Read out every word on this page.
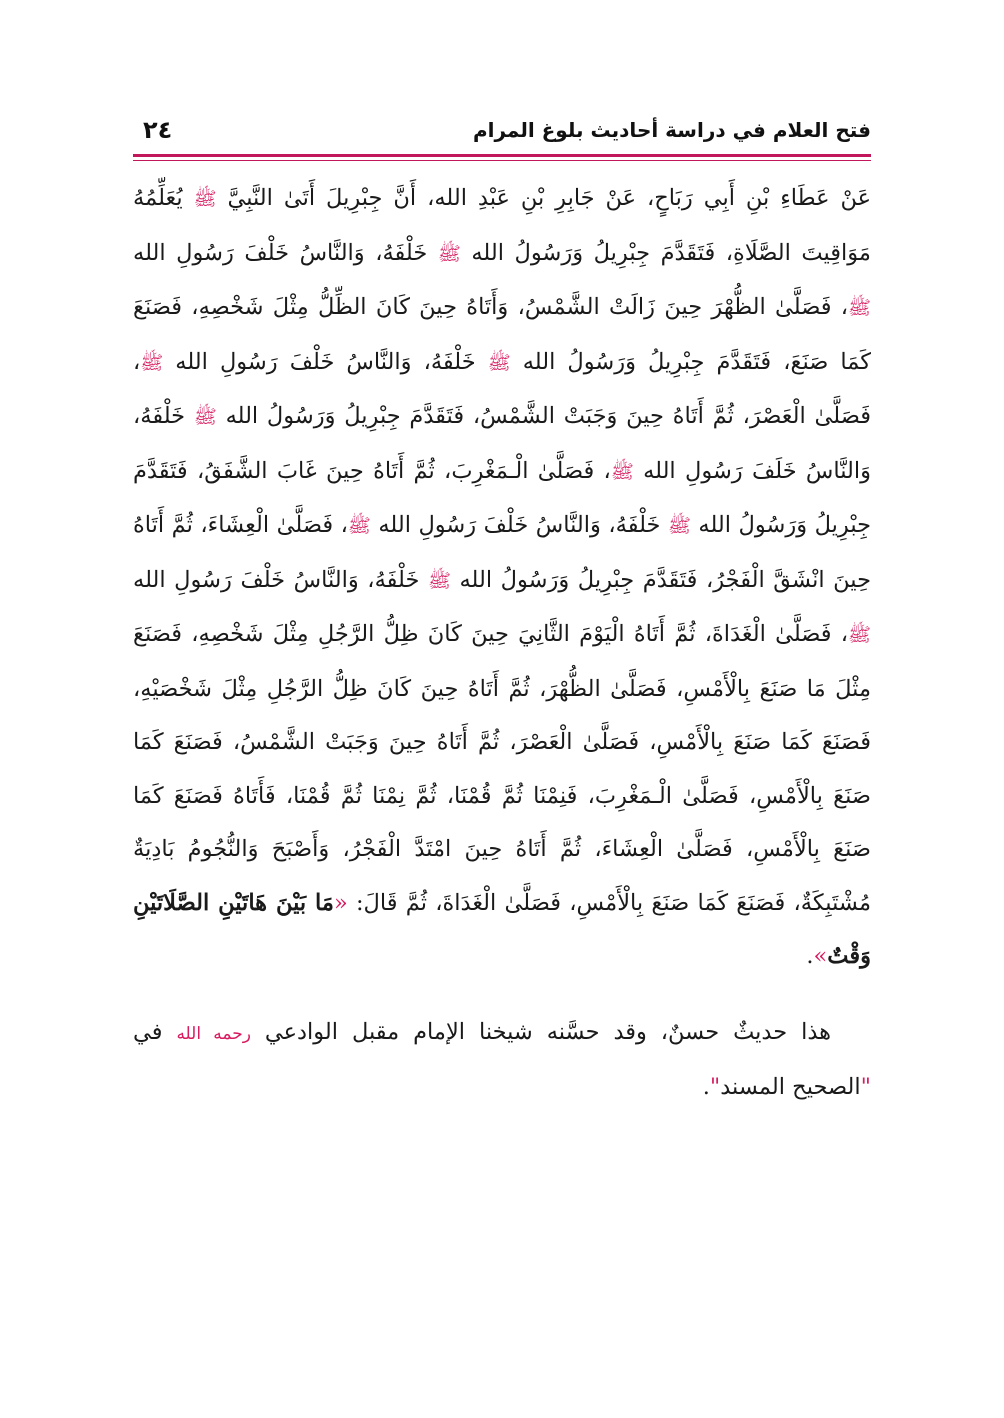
فتح العلام في دراسة أحاديث بلوغ المرام
٢٤

عَنْ عَطَاءِ بْنِ أَبِي رَبَاحٍ، عَنْ جَابِرِ بْنِ عَبْدِ الله، أَنَّ جِبْرِيلَ أَتَىٰ النَّبِيَّ ﷺ يُعَلِّمُهُ مَوَاقِيتَ الصَّلَاةِ، فَتَقَدَّمَ جِبْرِيلُ وَرَسُولُ الله ﷺ خَلْفَهُ، وَالنَّاسُ خَلْفَ رَسُولِ الله ﷺ، فَصَلَّىٰ الظُّهْرَ حِينَ زَالَتْ الشَّمْسُ، وَأَتَاهُ حِينَ كَانَ الظِّلُّ مِثْلَ شَخْصِهِ، فَصَنَعَ كَمَا صَنَعَ، فَتَقَدَّمَ جِبْرِيلُ وَرَسُولُ الله ﷺ خَلْفَهُ، وَالنَّاسُ خَلْفَ رَسُولِ الله ﷺ، فَصَلَّىٰ الْعَصْرَ، ثُمَّ أَتَاهُ حِينَ وَجَبَتْ الشَّمْسُ، فَتَقَدَّمَ جِبْرِيلُ وَرَسُولُ الله ﷺ خَلْفَهُ، وَالنَّاسُ خَلَفَ رَسُولِ الله ﷺ، فَصَلَّىٰ الْـمَغْرِبَ، ثُمَّ أَتَاهُ حِينَ غَابَ الشَّفَقُ، فَتَقَدَّمَ جِبْرِيلُ وَرَسُولُ الله ﷺ خَلْفَهُ، وَالنَّاسُ خَلْفَ رَسُولِ الله ﷺ، فَصَلَّىٰ الْعِشَاءَ، ثُمَّ أَتَاهُ حِينَ انْشَقَّ الْفَجْرُ، فَتَقَدَّمَ جِبْرِيلُ وَرَسُولُ الله ﷺ خَلْفَهُ، وَالنَّاسُ خَلْفَ رَسُولِ الله ﷺ، فَصَلَّىٰ الْغَدَاةَ، ثُمَّ أَتَاهُ الْيَوْمَ الثَّانِيَ حِينَ كَانَ ظِلُّ الرَّجُلِ مِثْلَ شَخْصِهِ، فَصَنَعَ مِثْلَ مَا صَنَعَ بِالْأَمْسِ، فَصَلَّىٰ الظُّهْرَ، ثُمَّ أَتَاهُ حِينَ كَانَ ظِلُّ الرَّجُلِ مِثْلَ شَخْصَيْهِ، فَصَنَعَ كَمَا صَنَعَ بِالْأَمْسِ، فَصَلَّىٰ الْعَصْرَ، ثُمَّ أَتَاهُ حِينَ وَجَبَتْ الشَّمْسُ، فَصَنَعَ كَمَا صَنَعَ بِالْأَمْسِ، فَصَلَّىٰ الْـمَغْرِبَ، فَنِمْنَا ثُمَّ قُمْنَا، ثُمَّ نِمْنَا ثُمَّ قُمْنَا، فَأَتَاهُ فَصَنَعَ كَمَا صَنَعَ بِالْأَمْسِ، فَصَلَّىٰ الْعِشَاءَ، ثُمَّ أَتَاهُ حِينَ امْتَدَّ الْفَجْرُ، وَأَصْبَحَ وَالنُّجُومُ بَادِيَةٌ مُشْتَبِكَةٌ، فَصَنَعَ كَمَا صَنَعَ بِالْأَمْسِ، فَصَلَّىٰ الْغَدَاةَ، ثُمَّ قَالَ: «مَا بَيْنَ هَاتَيْنِ الصَّلَاتَيْنِ وَقْتٌ».

هذا حديثٌ حسنٌ، وقد حسَّنه شيخنا الإمام مقبل الوادعي رحمه الله في "الصحيح المسند".
